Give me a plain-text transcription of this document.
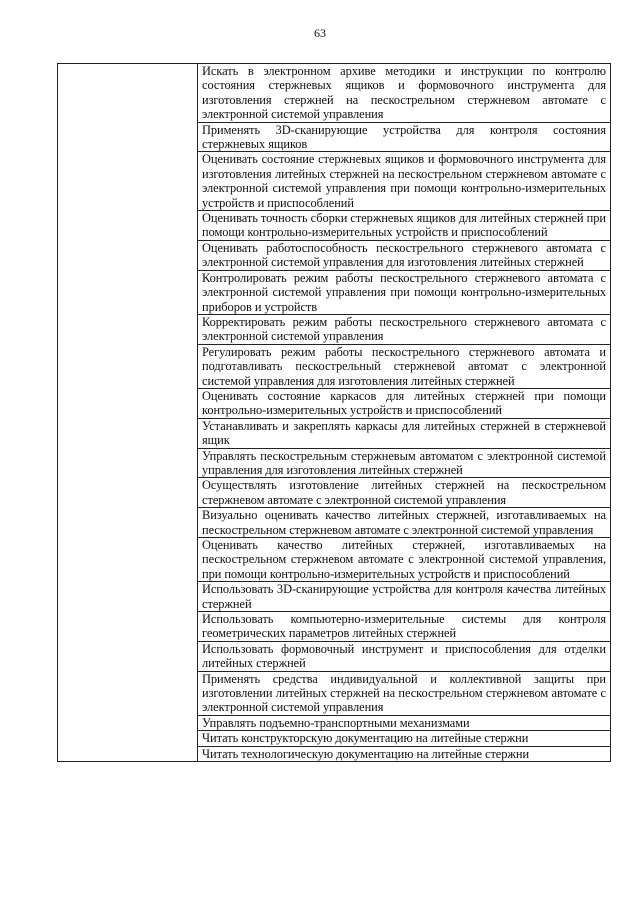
63

Искать в электронном архиве методики и инструкции по контролю состояния стержневых ящиков и формовочного инструмента для изготовления стержней на пескострельном стержневом автомате с электронной системой управления

Применять 3D-сканирующие устройства для контроля состояния стержневых ящиков

Оценивать состояние стержневых ящиков и формовочного инструмента для изготовления литейных стержней на пескострельном стержневом автомате с электронной системой управления при помощи контрольно-измерительных устройств и приспособлений

Оценивать точность сборки стержневых ящиков для литейных стержней при помощи контрольно-измерительных устройств и приспособлений

Оценивать работоспособность пескострельного стержневого автомата с электронной системой управления для изготовления литейных стержней

Контролировать режим работы пескострельного стержневого автомата с электронной системой управления при помощи контрольно-измерительных приборов и устройств

Корректировать режим работы пескострельного стержневого автомата с электронной системой управления

Регулировать режим работы пескострельного стержневого автомата и подготавливать пескострельный стержневой автомат с электронной системой управления для изготовления литейных стержней

Оценивать состояние каркасов для литейных стержней при помощи контрольно-измерительных устройств и приспособлений

Устанавливать и закреплять каркасы для литейных стержней в стержневой ящик

Управлять пескострельным стержневым автоматом с электронной системой управления для изготовления литейных стержней

Осуществлять изготовление литейных стержней на пескострельном стержневом автомате с электронной системой управления

Визуально оценивать качество литейных стержней, изготавливаемых на пескострельном стержневом автомате с электронной системой управления

Оценивать качество литейных стержней, изготавливаемых на пескострельном стержневом автомате с электронной системой управления, при помощи контрольно-измерительных устройств и приспособлений

Использовать 3D-сканирующие устройства для контроля качества литейных стержней

Использовать компьютерно-измерительные системы для контроля геометрических параметров литейных стержней

Использовать формовочный инструмент и приспособления для отделки литейных стержней

Применять средства индивидуальной и коллективной защиты при изготовлении литейных стержней на пескострельном стержневом автомате с электронной системой управления

Управлять подъемно-транспортными механизмами

Читать конструкторскую документацию на литейные стержни

Читать технологическую документацию на литейные стержни
